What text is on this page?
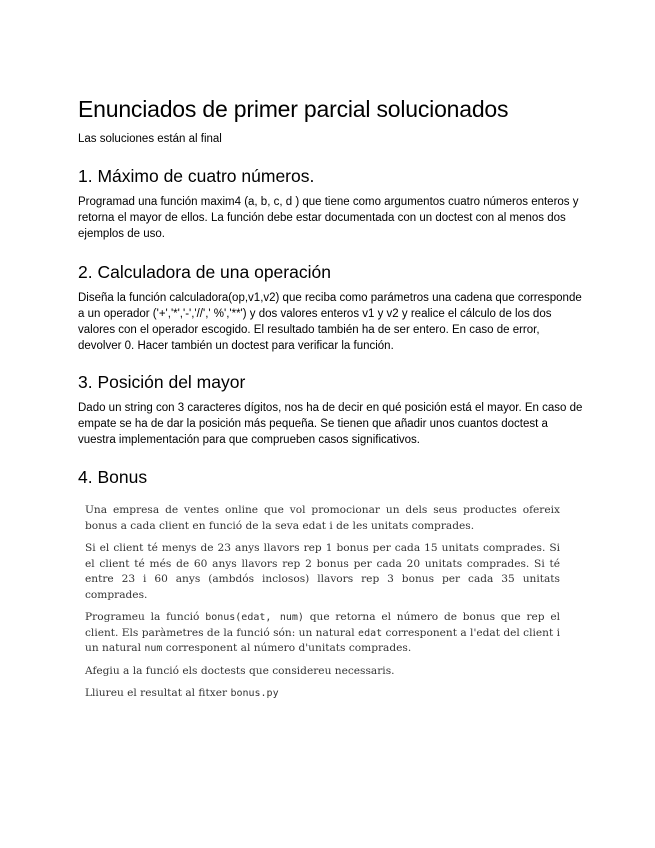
Enunciados de primer parcial solucionados

Las soluciones están al final

1. Máximo de cuatro números.

Programad una función maxim4 (a, b, c, d ) que tiene como argumentos cuatro números enteros y retorna el mayor de ellos. La función debe estar documentada con un doctest con al menos dos ejemplos de uso.

2. Calculadora de una operación

Diseña la función calculadora(op,v1,v2) que reciba como parámetros una cadena que corresponde a un operador ('+','*','-','//',' %','**') y dos valores enteros v1 y v2 y realice el cálculo de los dos valores con el operador escogido. El resultado también ha de ser entero. En caso de error, devolver 0. Hacer también un doctest para verificar la función.

3. Posición del mayor

Dado un string con 3 caracteres dígitos, nos ha de decir en qué posición está el mayor. En caso de empate se ha de dar la posición más pequeña. Se tienen que añadir unos cuantos doctest a vuestra implementación para que comprueben casos significativos.

4. Bonus

Una empresa de ventes online que vol promocionar un dels seus productes ofereix bonus a cada client en funció de la seva edat i de les unitats comprades.

Si el client té menys de 23 anys llavors rep 1 bonus per cada 15 unitats comprades. Si el client té més de 60 anys llavors rep 2 bonus per cada 20 unitats comprades. Si té entre 23 i 60 anys (ambdós inclosos) llavors rep 3 bonus per cada 35 unitats comprades.

Programeu la funció bonus(edat, num) que retorna el número de bonus que rep el client. Els paràmetres de la funció són: un natural edat corresponent a l'edat del client i un natural num corresponent al número d'unitats comprades.

Afegiu a la funció els doctests que considereu necessaris.

Lliureu el resultat al fitxer bonus.py
